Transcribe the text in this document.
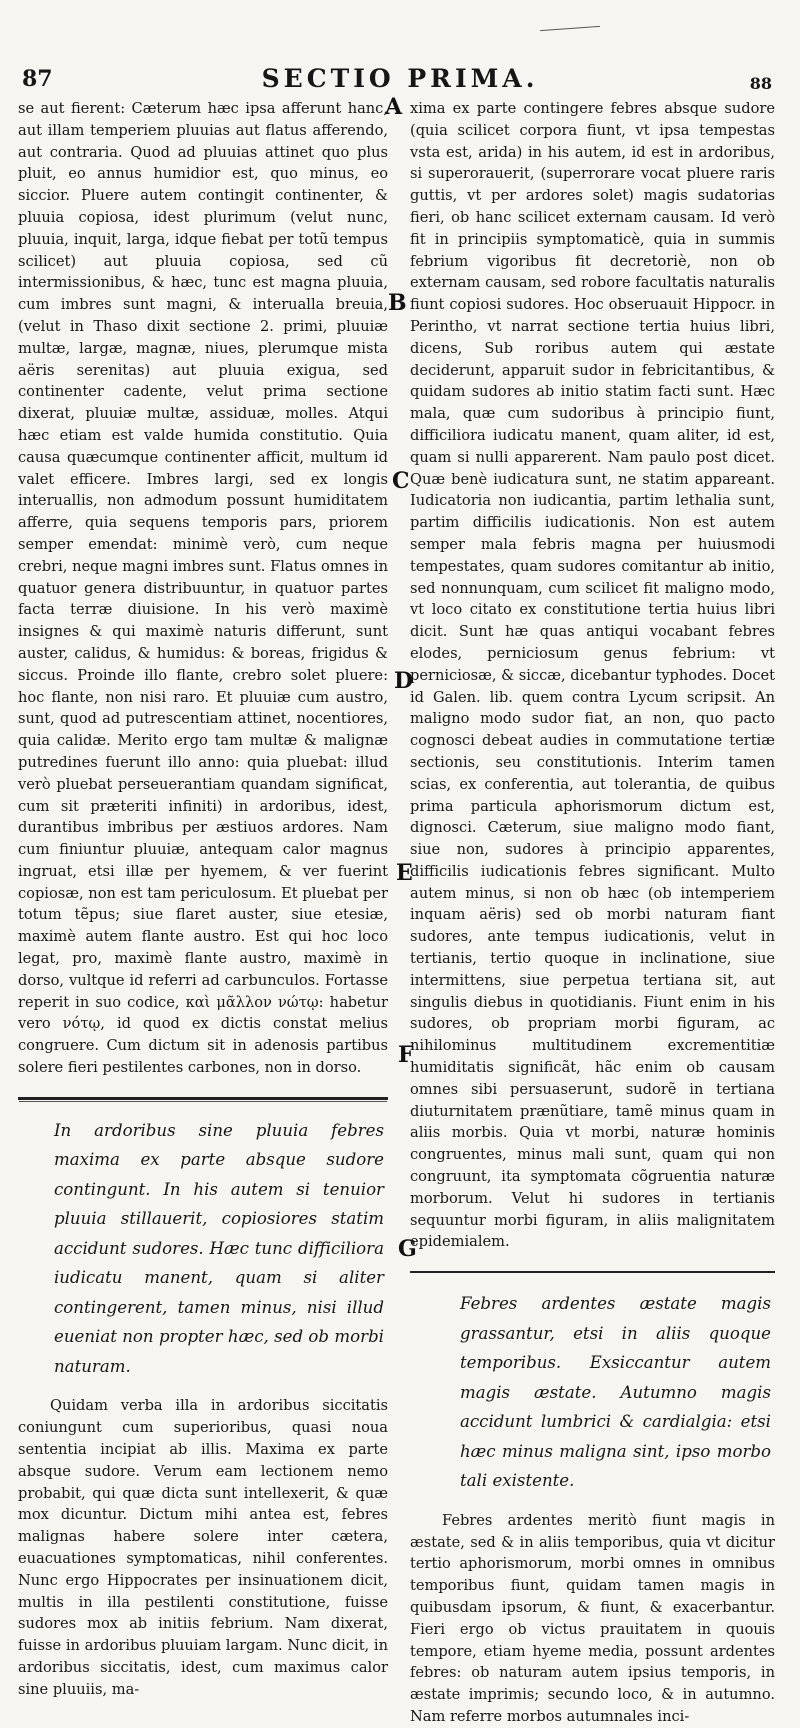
87	SECTIO PRIMA.	88
A
B
C
D
E
F
G

se aut fierent: Cæterum hæc ipsa afferunt hanc, aut illam temperiem pluuias aut flatus afferendo, aut contraria. Quod ad pluuias attinet quo plus pluit, eo annus humidior est, quo minus, eo siccior. Pluere autem contingit continenter, & pluuia copiosa, idest plurimum (velut nunc, pluuia, inquit, larga, idque fiebat per totũ tempus scilicet) aut pluuia copiosa, sed cũ intermissionibus, & hæc, tunc est magna pluuia, cum imbres sunt magni, & interualla breuia, (velut in Thaso dixit sectione 2. primi, pluuiæ multæ, largæ, magnæ, niues, plerumque mista aëris serenitas) aut pluuia exigua, sed continenter cadente, velut prima sectione dixerat, pluuiæ multæ, assiduæ, molles. Atqui hæc etiam est valde humida constitutio. Quia causa quæcumque continenter afficit, multum id valet efficere. Imbres largi, sed ex longis interuallis, non admodum possunt humiditatem afferre, quia sequens temporis pars, priorem semper emendat: minimè verò, cum neque crebri, neque magni imbres sunt. Flatus omnes in quatuor genera distribuuntur, in quatuor partes facta terræ diuisione. In his verò maximè insignes & qui maximè naturis differunt, sunt auster, calidus, & humidus: & boreas, frigidus & siccus. Proinde illo flante, crebro solet pluere: hoc flante, non nisi raro. Et pluuiæ cum austro, sunt, quod ad putrescentiam attinet, nocentiores, quia calidæ. Merito ergo tam multæ & malignæ putredines fuerunt illo anno: quia pluebat: illud verò pluebat perseuerantiam quandam significat, cum sit præteriti infiniti) in ardoribus, idest, durantibus imbribus per æstiuos ardores. Nam cum finiuntur pluuiæ, antequam calor magnus ingruat, etsi illæ per hyemem, & ver fuerint copiosæ, non est tam periculosum. Et pluebat per totum tẽpus; siue flaret auster, siue etesiæ, maximè autem flante austro. Est qui hoc loco legat, pro, maximè flante austro, maximè in dorso, vultque id referri ad carbunculos. Fortasse reperit in suo codice, καὶ μᾶλλον νώτῳ: habetur vero νότῳ, id quod ex dictis constat melius congruere. Cum dictum sit in adenosis partibus solere fieri pestilentes carbones, non in dorso.

In ardoribus sine pluuia febres maxima ex parte absque sudore contingunt. In his autem si tenuior pluuia stillauerit, copiosiores statim accidunt sudores. Hæc tunc difficiliora iudicatu manent, quam si aliter contingerent, tamen minus, nisi illud eueniat non propter hæc, sed ob morbi naturam.

Quidam verba illa in ardoribus siccitatis coniungunt cum superioribus, quasi noua sententia incipiat ab illis. Maxima ex parte absque sudore. Verum eam lectionem nemo probabit, qui quæ dicta sunt intellexerit, & quæ mox dicuntur. Dictum mihi antea est, febres malignas habere solere inter cætera, euacuationes symptomaticas, nihil conferentes. Nunc ergo Hippocrates per insinuationem dicit, multis in illa pestilenti constitutione, fuisse sudores mox ab initiis febrium. Nam dixerat, fuisse in ardoribus pluuiam largam. Nunc dicit, in ardoribus siccitatis, idest, cum maximus calor sine pluuiis, ma-

xima ex parte contingere febres absque sudore (quia scilicet corpora fiunt, vt ipsa tempestas vsta est, arida) in his autem, id est in ardoribus, si superorauerit, (superrorare vocat pluere raris guttis, vt per ardores solet) magis sudatorias fieri, ob hanc scilicet externam causam. Id verò fit in principiis symptomaticè, quia in summis febrium vigoribus fit decretoriè, non ob externam causam, sed robore facultatis naturalis fiunt copiosi sudores. Hoc obseruauit Hippocr. in Perintho, vt narrat sectione tertia huius libri, dicens, Sub roribus autem qui æstate deciderunt, apparuit sudor in febricitantibus, & quidam sudores ab initio statim facti sunt. Hæc mala, quæ cum sudoribus à principio fiunt, difficiliora iudicatu manent, quam aliter, id est, quam si nulli apparerent. Nam paulo post dicet. Quæ benè iudicatura sunt, ne statim appareant. Iudicatoria non iudicantia, partim lethalia sunt, partim difficilis iudicationis. Non est autem semper mala febris magna per huiusmodi tempestates, quam sudores comitantur ab initio, sed nonnunquam, cum scilicet fit maligno modo, vt loco citato ex constitutione tertia huius libri dicit. Sunt hæ quas antiqui vocabant febres elodes, perniciosum genus febrium: vt perniciosæ, & siccæ, dicebantur typhodes. Docet id Galen. lib. quem contra Lycum scripsit. An maligno modo sudor fiat, an non, quo pacto cognosci debeat audies in commutatione tertiæ sectionis, seu constitutionis. Interim tamen scias, ex conferentia, aut tolerantia, de quibus prima particula aphorismorum dictum est, dignosci. Cæterum, siue maligno modo fiant, siue non, sudores à principio apparentes, difficilis iudicationis febres significant. Multo autem minus, si non ob hæc (ob intemperiem inquam aëris) sed ob morbi naturam fiant sudores, ante tempus iudicationis, velut in tertianis, tertio quoque in inclinatione, siue intermittens, siue perpetua tertiana sit, aut singulis diebus in quotidianis. Fiunt enim in his sudores, ob propriam morbi figuram, ac nihilominus multitudinem excrementitiæ humiditatis significãt, hãc enim ob causam omnes sibi persuaserunt, sudorẽ in tertiana diuturnitatem prænũtiare, tamẽ minus quam in aliis morbis. Quia vt morbi, naturæ hominis congruentes, minus mali sunt, quam qui non congruunt, ita symptomata cõgruentia naturæ morborum. Velut hi sudores in tertianis sequuntur morbi figuram, in aliis malignitatem epidemialem.

Febres ardentes æstate magis grassantur, etsi in aliis quoque temporibus. Exsiccantur autem magis æstate. Autumno magis accidunt lumbrici & cardialgia: etsi hæc minus maligna sint, ipso morbo tali existente.

Febres ardentes meritò fiunt magis in æstate, sed & in aliis temporibus, quia vt dicitur tertio aphorismorum, morbi omnes in omnibus temporibus fiunt, quidam tamen magis in quibusdam ipsorum, & fiunt, & exacerbantur. Fieri ergo ob victus prauitatem in quouis tempore, etiam hyeme media, possunt ardentes febres: ob naturam autem ipsius temporis, in æstate imprimis; secundo loco, & in autumno. Nam referre morbos autumnales inci-
